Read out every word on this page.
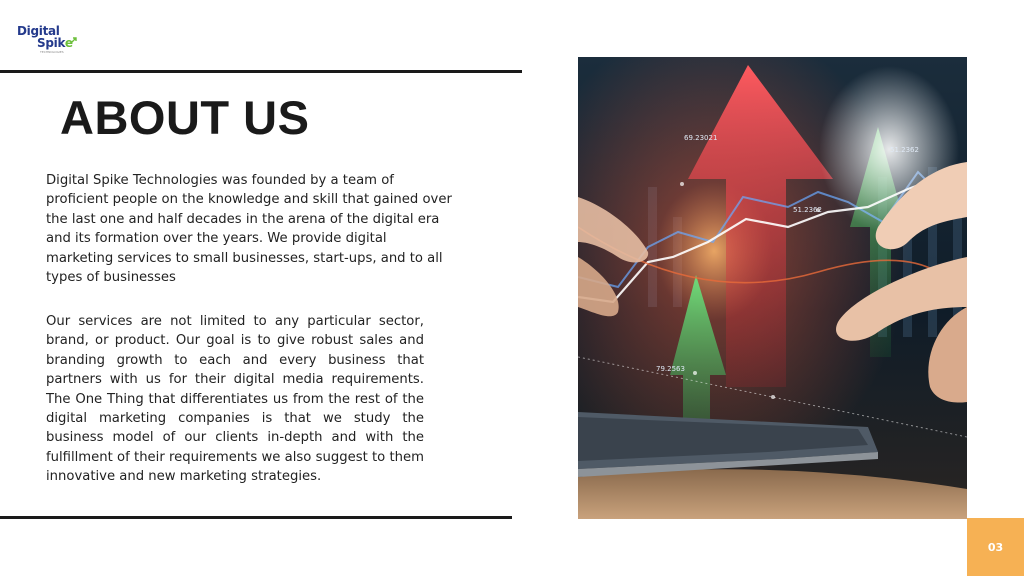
Digital
Spike
TECHNOLOGIES
ABOUT US

Digital Spike Technologies was founded by a team of proficient people on the knowledge and skill that gained over the last one and half decades in the arena of the digital era and its formation over the years. We provide digital marketing services to small businesses, start-ups, and to all types of businesses

Our services are not limited to any particular sector, brand, or product. Our goal is to give robust sales and branding growth to each and every business that partners with us for their digital media requirements. The One Thing that differentiates us from the rest of the digital marketing companies is that we study the business model of our clients in-depth and with the fulfillment of their requirements we also suggest to them innovative and new marketing strategies.

69.23021
51.2362
51.2362
79.2563
03
